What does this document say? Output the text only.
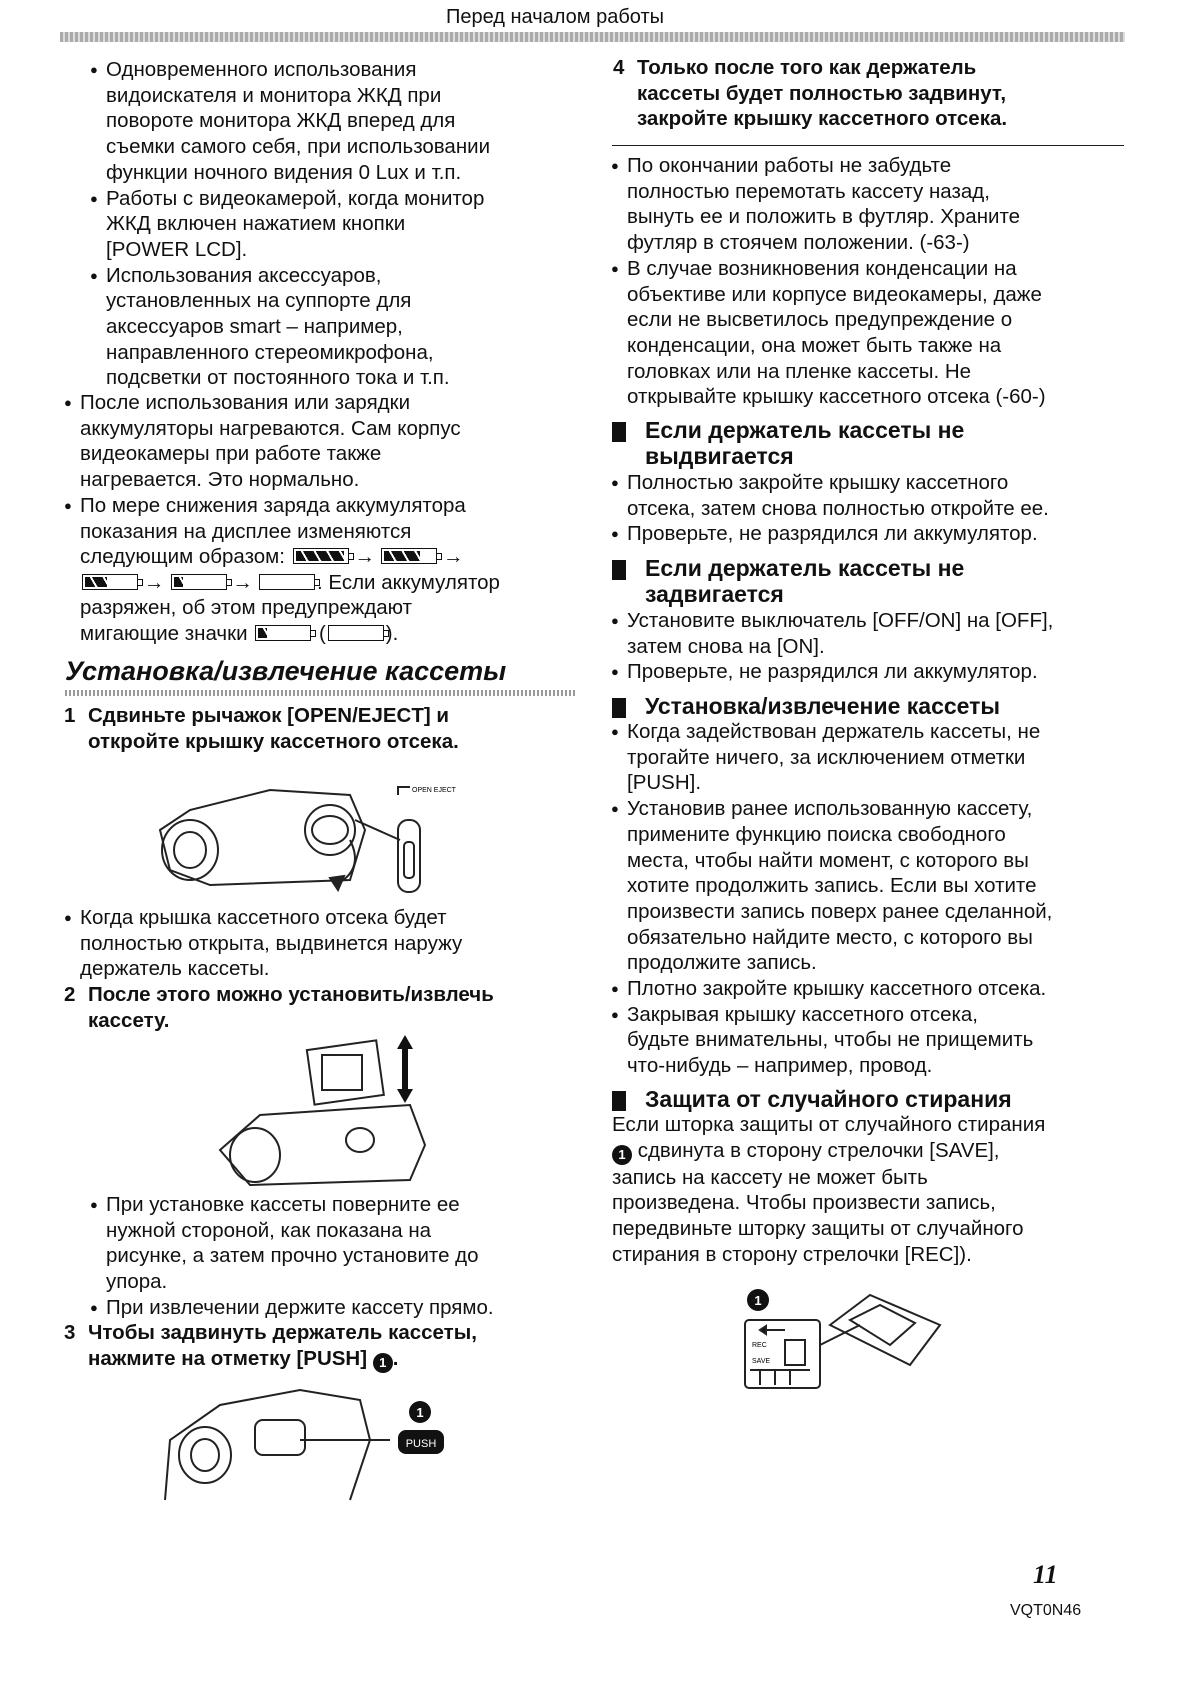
Перед началом работы
● Одновременного использования
видоискателя и монитора ЖКД при
повороте монитора ЖКД вперед для
съемки самого себя, при использовании
функции ночного видения 0 Lux и т.п.
● Работы с видеокамерой, когда монитор
ЖКД включен нажатием кнопки
[POWER LCD].
● Использования аксессуаров,
установленных на суппорте для
аксессуаров smart – например,
направленного стереомикрофона,
подсветки от постоянного тока и т.п.
● После использования или зарядки
аккумуляторы нагреваются. Сам корпус
видеокамеры при работе также
нагревается. Это нормально.
● По мере снижения заряда аккумулятора
показания на дисплее изменяются
следующим образом:	→	→
→	→	. Если аккумулятор
разряжен, об этом предупреждают
мигающие значки	(	).
Установка/извлечение кассеты
1 Сдвиньте рычажок [OPEN/EJECT] и
откройте крышку кассетного отсека.
OPEN EJECT
● Когда крышка кассетного отсека будет
полностью открыта, выдвинется наружу
держатель кассеты.
2 После этого можно установить/извлечь
кассету.
● При установке кассеты поверните ее
нужной стороной, как показана на
рисунке, а затем прочно установите до
упора.
● При извлечении держите кассету прямо.
3 Чтобы задвинуть держатель кассеты,
нажмите на отметку [PUSH] 1 .
1
PUSH
4 Только после того как держатель
кассеты будет полностью задвинут,
закройте крышку кассетного отсека.
● По окончании работы не забудьте
полностью перемотать кассету назад,
вынуть ее и положить в футляр. Храните
футляр в стоячем положении. (-63-)
● В случае возникновения конденсации на
объективе или корпусе видеокамеры, даже
если не высветилось предупреждение о
конденсации, она может быть также на
головках или на пленке кассеты. Не
открывайте крышку кассетного отсека (-60-)
Если держатель кассеты не
выдвигается
● Полностью закройте крышку кассетного
отсека, затем снова полностью откройте ее.
● Проверьте, не разрядился ли аккумулятор.
Если держатель кассеты не
задвигается
● Установите выключатель [OFF/ON] на [OFF],
затем снова на [ON].
● Проверьте, не разрядился ли аккумулятор.
Установка/извлечение кассеты
● Когда задействован держатель кассеты, не
трогайте ничего, за исключением отметки
[PUSH].
● Установив ранее использованную кассету,
примените функцию поиска свободного
места, чтобы найти момент, с которого вы
хотите продолжить запись. Если вы хотите
произвести запись поверх ранее сделанной,
обязательно найдите место, с которого вы
продолжите запись.
● Плотно закройте крышку кассетного отсека.
● Закрывая крышку кассетного отсека,
будьте внимательны, чтобы не прищемить
что-нибудь – например, провод.
Защита от случайного стирания
Если шторка защиты от случайного стирания
1 сдвинута в сторону стрелочки [SAVE],
запись на кассету не может быть
произведена. Чтобы произвести запись,
передвиньте шторку защиты от случайного
стирания в сторону стрелочки [REC]).
1
REC
SAVE
11
VQT0N46
